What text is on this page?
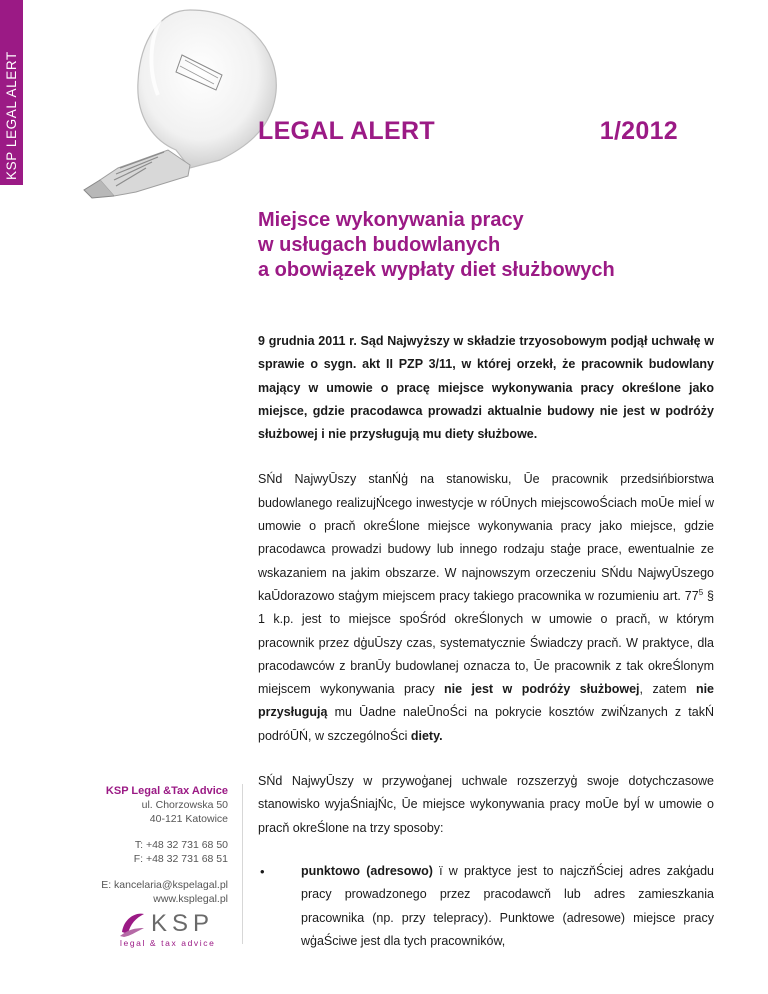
KSP LEGAL ALERT	LEGAL ALERT	1/2012
Miejsce wykonywania pracy
w usługach budowlanych
a obowiązek wypłaty diet służbowych

9 grudnia 2011 r. Sąd Najwyższy w składzie trzyosobowym podjął uchwałę w sprawie o sygn. akt II PZP 3/11, w której orzekł, że pracownik budowlany mający w umowie o pracę miejsce wykonywania pracy określone jako miejsce, gdzie pracodawca prowadzi aktualnie budowy nie jest w podróży służbowej i nie przysługują mu diety służbowe.

SŃd NajwyŪszy stanŃģ na stanowisku, Ūe pracownik przedsińbiorstwa budowlanego realizujŃcego inwestycje w róŪnych miejscowoŚciach moŪe mieĺ w umowie o pracň okreŚlone miejsce wykonywania pracy jako miejsce, gdzie pracodawca prowadzi budowy lub innego rodzaju staģe prace, ewentualnie ze wskazaniem na jakim obszarze. W najnowszym orzeczeniu SŃdu NajwyŪszego kaŪdorazowo staģym miejscem pracy takiego pracownika w rozumieniu art. $77^5$ § 1 k.p. jest to miejsce spoŚród okreŚlonych w umowie o pracň, w którym pracownik przez dģuŪszy czas, systematycznie Świadczy pracň. W praktyce, dla pracodawców z branŪy budowlanej oznacza to, Ūe pracownik z tak okreŚlonym miejscem wykonywania pracy nie jest w podróży służbowej, zatem nie przysługują mu Ūadne naleŪnoŚci na pokrycie kosztów zwiŃzanych z takŃ podróŪŃ, w szczególnoŚci diety.

SŃd NajwyŪszy w przywoģanej uchwale rozszerzyģ swoje dotychczasowe stanowisko wyjaŚniajŃc, Ūe miejsce wykonywania pracy moŪe byĺ w umowie o pracň okreŚlone na trzy sposoby:

•	punktowo (adresowo) ï w praktyce jest to najczňŚciej adres zakģadu pracy prowadzonego przez pracodawcň lub adres zamieszkania pracownika (np. przy telepracy). Punktowe (adresowe) miejsce pracy wģaŚciwe jest dla tych pracowników,

KSP Legal &Tax Advice
ul. Chorzowska 50
40-121 Katowice
T: +48 32 731 68 50
F: +48 32 731 68 51
E: kancelaria@kspelagal.pl
www.ksplegal.pl
KSP
legal & tax advice
